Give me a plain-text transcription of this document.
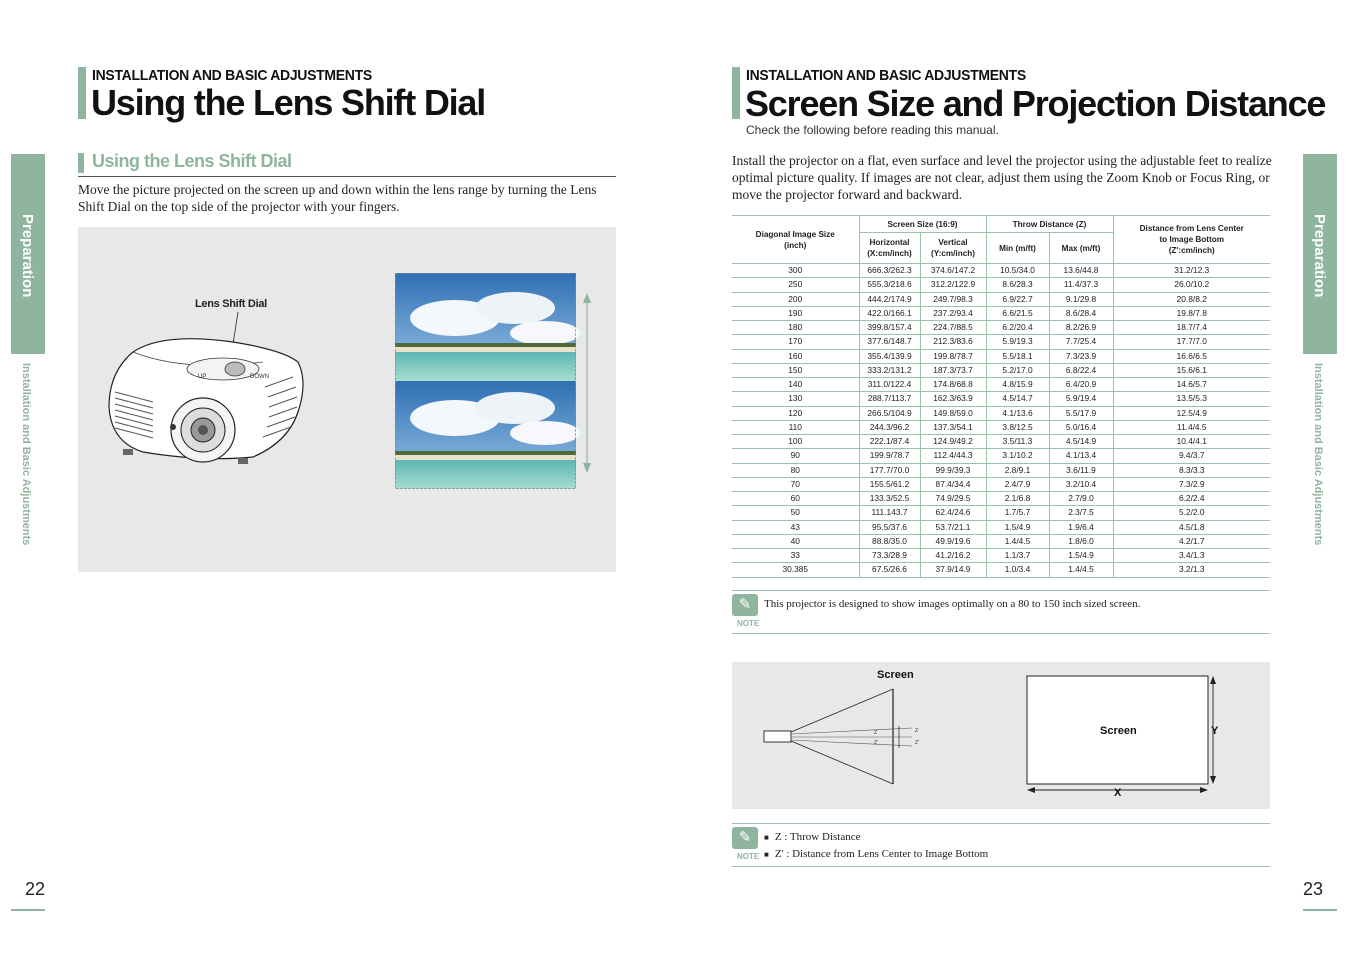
Preparation
Installation and Basic Adjustments
INSTALLATION AND BASIC ADJUSTMENTS
Using the Lens Shift Dial
Using the Lens Shift Dial
Move the picture projected on the screen up and down within the lens range by turning the Lens Shift Dial on the top side of the projector with your fingers.
Lens Shift Dial
UP	DOWN
22
INSTALLATION AND BASIC ADJUSTMENTS
Screen Size and Projection Distance
Check the following before reading this manual.
Install the projector on a flat, even surface and level the projector using the adjustable feet to realize optimal picture quality. If images are not clear, adjust them using the Zoom Knob or Focus Ring, or move the projector forward and backward.
Diagonal Image Size (inch)	Screen Size (16:9)		Throw Distance (Z)		Distance from Lens Center to Image Bottom (Z':cm/inch)
	Horizontal (X:cm/inch)	Vertical (Y:cm/inch)	Min (m/ft)	Max (m/ft)	
300	666.3/262.3	374.6/147.2	10.5/34.0	13.6/44.8	31.2/12.3
250	555.3/218.6	312.2/122.9	8.6/28.3	11.4/37.3	26.0/10.2
200	444.2/174.9	249.7/98.3	6.9/22.7	9.1/29.8	20.8/8.2
190	422.0/166.1	237.2/93.4	6.6/21.5	8.6/28.4	19.8/7.8
180	399.8/157.4	224.7/88.5	6.2/20.4	8.2/26.9	18.7/7.4
170	377.6/148.7	212.3/83.6	5.9/19.3	7.7/25.4	17.7/7.0
160	355.4/139.9	199.8/78.7	5.5/18.1	7.3/23.9	16.6/6.5
150	333.2/131.2	187.3/73.7	5.2/17.0	6.8/22.4	15.6/6.1
140	311.0/122.4	174.8/68.8	4.8/15.9	6.4/20.9	14.6/5.7
130	288.7/113.7	162.3/63.9	4.5/14.7	5.9/19.4	13.5/5.3
120	266.5/104.9	149.8/59.0	4.1/13.6	5.5/17.9	12.5/4.9
110	244.3/96.2	137.3/54.1	3.8/12.5	5.0/16.4	11.4/4.5
100	222.1/87.4	124.9/49.2	3.5/11.3	4.5/14.9	10.4/4.1
90	199.9/78.7	112.4/44.3	3.1/10.2	4.1/13.4	9.4/3.7
80	177.7/70.0	99.9/39.3	2.8/9.1	3.6/11.9	8.3/3.3
70	155.5/61.2	87.4/34.4	2.4/7.9	3.2/10.4	7.3/2.9
60	133.3/52.5	74.9/29.5	2.1/6.8	2.7/9.0	6.2/2.4
50	111.143.7	62.4/24.6	1.7/5.7	2.3/7.5	5.2/2.0
43	95.5/37.6	53.7/21.1	1.5/4.9	1.9/6.4	4.5/1.8
40	88.8/35.0	49.9/19.6	1.4/4.5	1.8/6.0	4.2/1.7
33	73.3/28.9	41.2/16.2	1.1/3.7	1.5/4.9	3.4/1.3
30.385	67.5/26.6	37.9/14.9	1.0/3.4	1.4/4.5	3.2/1.3
✎
NOTE
This projector is designed to show images optimally on a 80 to 150 inch sized screen.
Screen
Z
Z'
Z
Z'
Screen	Y
X
✎
NOTE
■ Z : Throw Distance
■ Z' : Distance from Lens Center to Image Bottom
Preparation
Installation and Basic Adjustments
23
